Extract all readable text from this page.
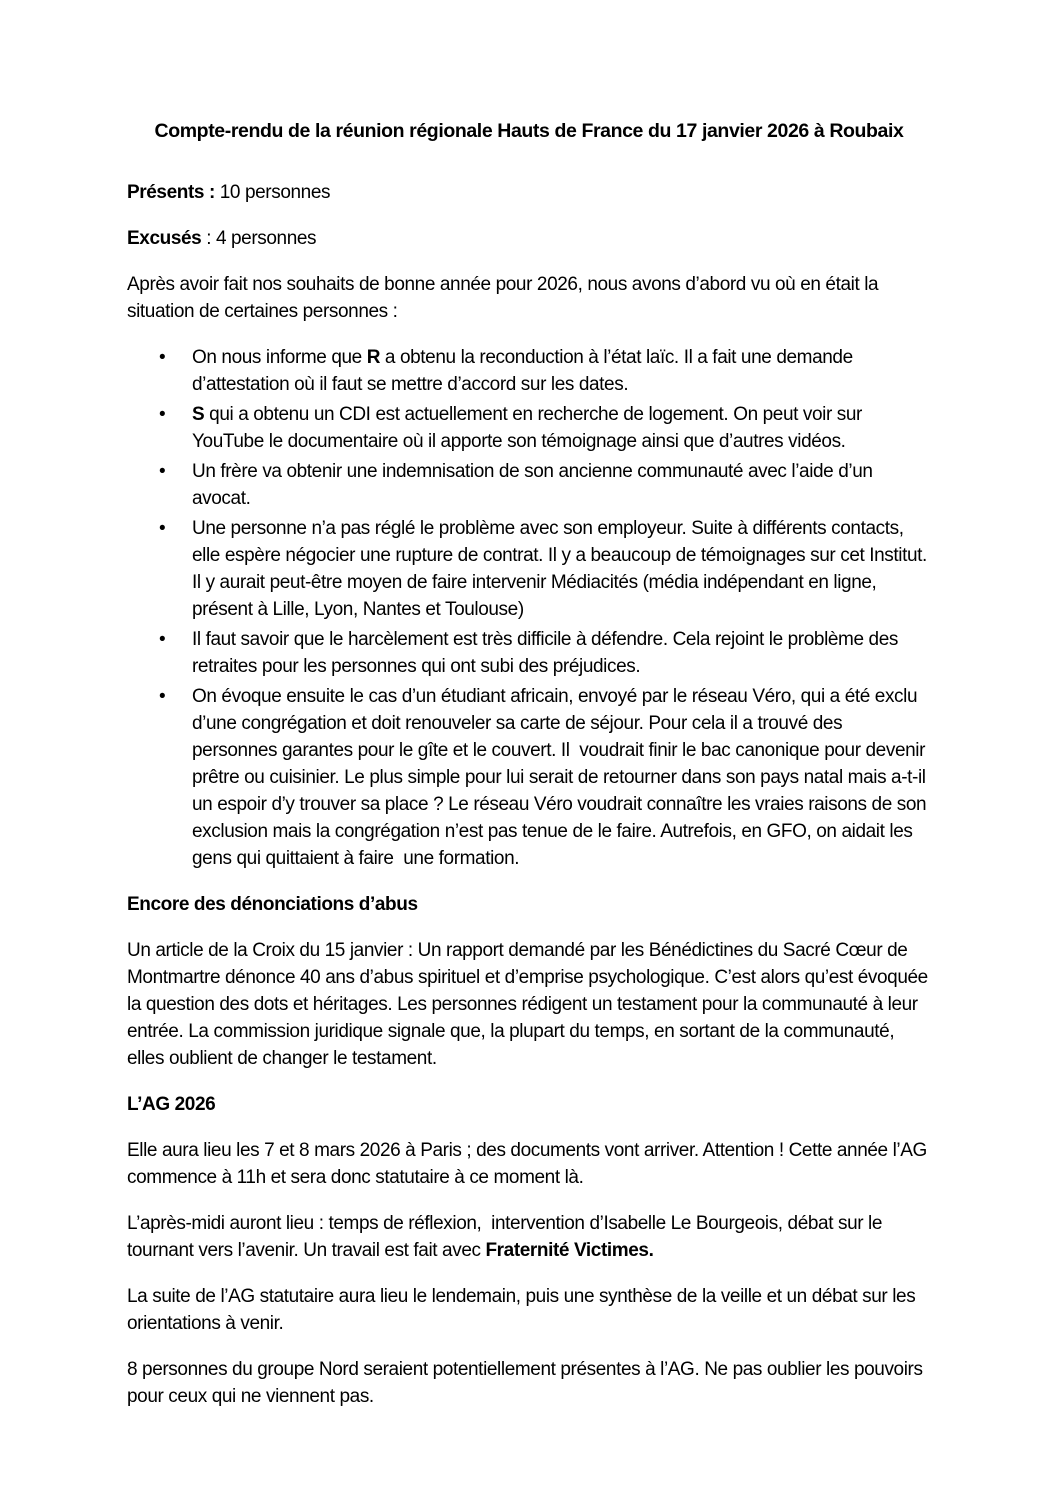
Compte-rendu de la réunion régionale Hauts de France du 17 janvier 2026 à Roubaix

Présents : 10 personnes

Excusés : 4 personnes

Après avoir fait nos souhaits de bonne année pour 2026, nous avons d’abord vu où en était la situation de certaines personnes :

• On nous informe que R a obtenu la reconduction à l’état laïc. Il a fait une demande d’attestation où il faut se mettre d’accord sur les dates.
• S qui a obtenu un CDI est actuellement en recherche de logement. On peut voir sur YouTube le documentaire où il apporte son témoignage ainsi que d’autres vidéos.
• Un frère va obtenir une indemnisation de son ancienne communauté avec l’aide d’un avocat.
• Une personne n’a pas réglé le problème avec son employeur. Suite à différents contacts, elle espère négocier une rupture de contrat. Il y a beaucoup de témoignages sur cet Institut. Il y aurait peut-être moyen de faire intervenir Médiacités (média indépendant en ligne, présent à Lille, Lyon, Nantes et Toulouse)
• Il faut savoir que le harcèlement est très difficile à défendre. Cela rejoint le problème des retraites pour les personnes qui ont subi des préjudices.
• On évoque ensuite le cas d’un étudiant africain, envoyé par le réseau Véro, qui a été exclu d’une congrégation et doit renouveler sa carte de séjour. Pour cela il a trouvé des personnes garantes pour le gîte et le couvert. Il  voudrait finir le bac canonique pour devenir prêtre ou cuisinier. Le plus simple pour lui serait de retourner dans son pays natal mais a-t-il  un espoir d’y trouver sa place ? Le réseau Véro voudrait connaître les vraies raisons de son exclusion mais la congrégation n’est pas tenue de le faire. Autrefois, en GFO, on aidait les gens qui quittaient à faire  une formation.
Encore des dénonciations d’abus

Un article de la Croix du 15 janvier : Un rapport demandé par les Bénédictines du Sacré Cœur de Montmartre dénonce 40 ans d’abus spirituel et d’emprise psychologique. C’est alors qu’est évoquée la question des dots et héritages. Les personnes rédigent un testament pour la communauté à leur entrée. La commission juridique signale que, la plupart du temps, en sortant de la communauté, elles oublient de changer le testament.

L’AG 2026

Elle aura lieu les 7 et 8 mars 2026 à Paris ; des documents vont arriver. Attention ! Cette année l’AG commence à 11h et sera donc statutaire à ce moment là.

L’après-midi auront lieu : temps de réflexion,  intervention d’Isabelle Le Bourgeois, débat sur le tournant vers l’avenir. Un travail est fait avec Fraternité Victimes.

La suite de l’AG statutaire aura lieu le lendemain, puis une synthèse de la veille et un débat sur les orientations à venir.

8 personnes du groupe Nord seraient potentiellement présentes à l’AG. Ne pas oublier les pouvoirs pour ceux qui ne viennent pas.
